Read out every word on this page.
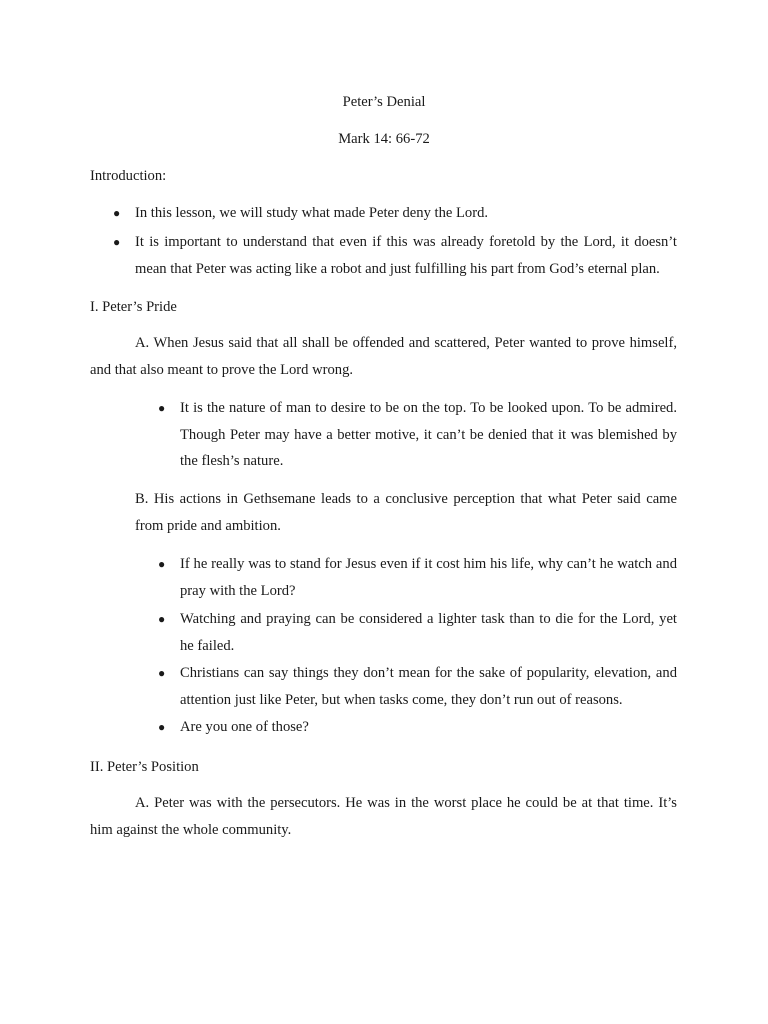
Peter’s Denial
Mark 14: 66-72
Introduction:
● In this lesson, we will study what made Peter deny the Lord.
● It is important to understand that even if this was already foretold by the Lord, it doesn’t mean that Peter was acting like a robot and just fulfilling his part from God’s eternal plan.
I. Peter’s Pride
A. When Jesus said that all shall be offended and scattered, Peter wanted to prove himself, and that also meant to prove the Lord wrong.
● It is the nature of man to desire to be on the top. To be looked upon. To be admired. Though Peter may have a better motive, it can’t be denied that it was blemished by the flesh’s nature.
B. His actions in Gethsemane leads to a conclusive perception that what Peter said came from pride and ambition.
● If he really was to stand for Jesus even if it cost him his life, why can’t he watch and pray with the Lord?
● Watching and praying can be considered a lighter task than to die for the Lord, yet he failed.
● Christians can say things they don’t mean for the sake of popularity, elevation, and attention just like Peter, but when tasks come, they don’t run out of reasons.
● Are you one of those?
II. Peter’s Position
A. Peter was with the persecutors. He was in the worst place he could be at that time. It’s him against the whole community.
